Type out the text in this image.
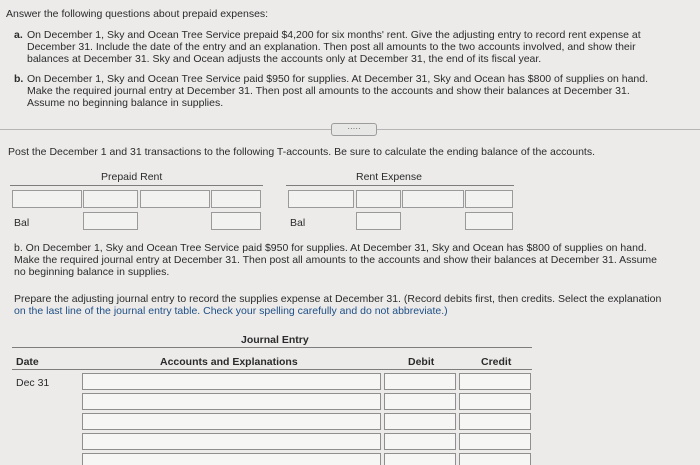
Answer the following questions about prepaid expenses:
a. On December 1, Sky and Ocean Tree Service prepaid $4,200 for six months' rent. Give the adjusting entry to record rent expense at
December 31. Include the date of the entry and an explanation. Then post all amounts to the two accounts involved, and show their
balances at December 31. Sky and Ocean adjusts the accounts only at December 31, the end of its fiscal year.
b. On December 1, Sky and Ocean Tree Service paid $950 for supplies. At December 31, Sky and Ocean has $800 of supplies on hand.
Make the required journal entry at December 31. Then post all amounts to the accounts and show their balances at December 31.
Assume no beginning balance in supplies.
·····
Post the December 1 and 31 transactions to the following T-accounts. Be sure to calculate the ending balance of the accounts.
Prepaid Rent
Bal
Rent Expense
Bal
b. On December 1, Sky and Ocean Tree Service paid $950 for supplies. At December 31, Sky and Ocean has $800 of supplies on hand.
Make the required journal entry at December 31. Then post all amounts to the accounts and show their balances at December 31. Assume
no beginning balance in supplies.
Prepare the adjusting journal entry to record the supplies expense at December 31. (Record debits first, then credits. Select the explanation
on the last line of the journal entry table. Check your spelling carefully and do not abbreviate.)
Journal Entry
Date	Accounts and Explanations	Debit	Credit
Dec 31
